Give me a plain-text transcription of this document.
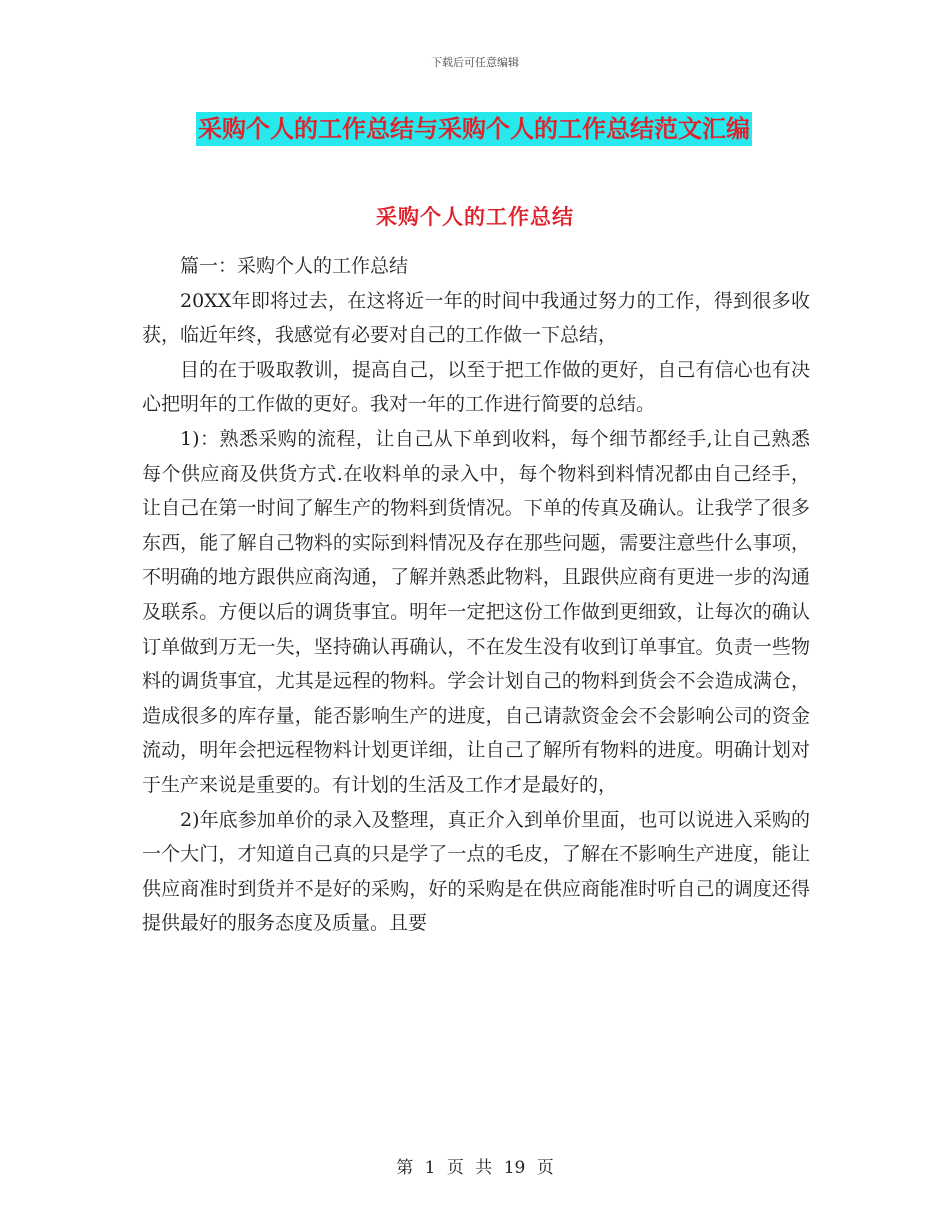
下载后可任意编辑
采购个人的工作总结与采购个人的工作总结范文汇编
采购个人的工作总结

篇一：采购个人的工作总结

20XX年即将过去，在这将近一年的时间中我通过努力的工作，得到很多收获，临近年终，我感觉有必要对自己的工作做一下总结，

目的在于吸取教训，提高自己，以至于把工作做的更好，自己有信心也有决心把明年的工作做的更好。我对一年的工作进行简要的总结。

1)：熟悉采购的流程，让自己从下单到收料，每个细节都经手,让自己熟悉每个供应商及供货方式.在收料单的录入中，每个物料到料情况都由自己经手，让自己在第一时间了解生产的物料到货情况。下单的传真及确认。让我学了很多东西，能了解自己物料的实际到料情况及存在那些问题，需要注意些什么事项，不明确的地方跟供应商沟通，了解并熟悉此物料，且跟供应商有更进一步的沟通及联系。方便以后的调货事宜。明年一定把这份工作做到更细致，让每次的确认订单做到万无一失，坚持确认再确认，不在发生没有收到订单事宜。负责一些物料的调货事宜，尤其是远程的物料。学会计划自己的物料到货会不会造成满仓，造成很多的库存量，能否影响生产的进度，自己请款资金会不会影响公司的资金流动，明年会把远程物料计划更详细，让自己了解所有物料的进度。明确计划对于生产来说是重要的。有计划的生活及工作才是最好的，

2)年底参加单价的录入及整理，真正介入到单价里面，也可以说进入采购的一个大门，才知道自己真的只是学了一点的毛皮，了解在不影响生产进度，能让供应商准时到货并不是好的采购，好的采购是在供应商能准时听自己的调度还得提供最好的服务态度及质量。且要

第 1 页 共 19 页
